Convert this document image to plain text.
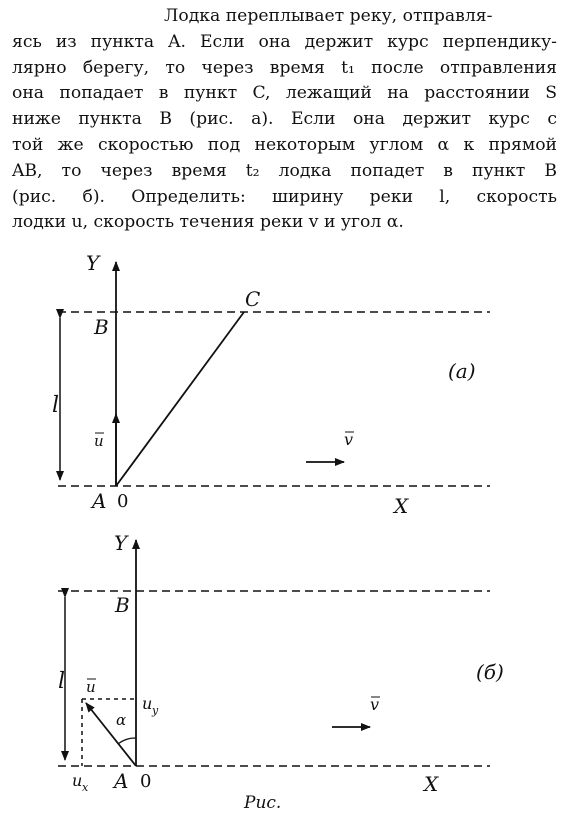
Лодка переплывает реку, отправля-
ясь из пункта A. Если она держит курс перпендику-
лярно берегу, то через время t₁ после отправления
она попадает в пункт C, лежащий на расстоянии S
ниже пункта B (рис. а). Если она держит курс с
той же скоростью под некоторым углом α к прямой
AB, то через время t₂ лодка попадет в пункт B
(рис. б). Определить: ширину реки l, скорость
лодки u, скорость течения реки v и угол α.
Y
B
C
l
u	v
(а)
A 0	X
Y
B
l u
u y
α
v
(б)
u x A 0	X
Рис.
